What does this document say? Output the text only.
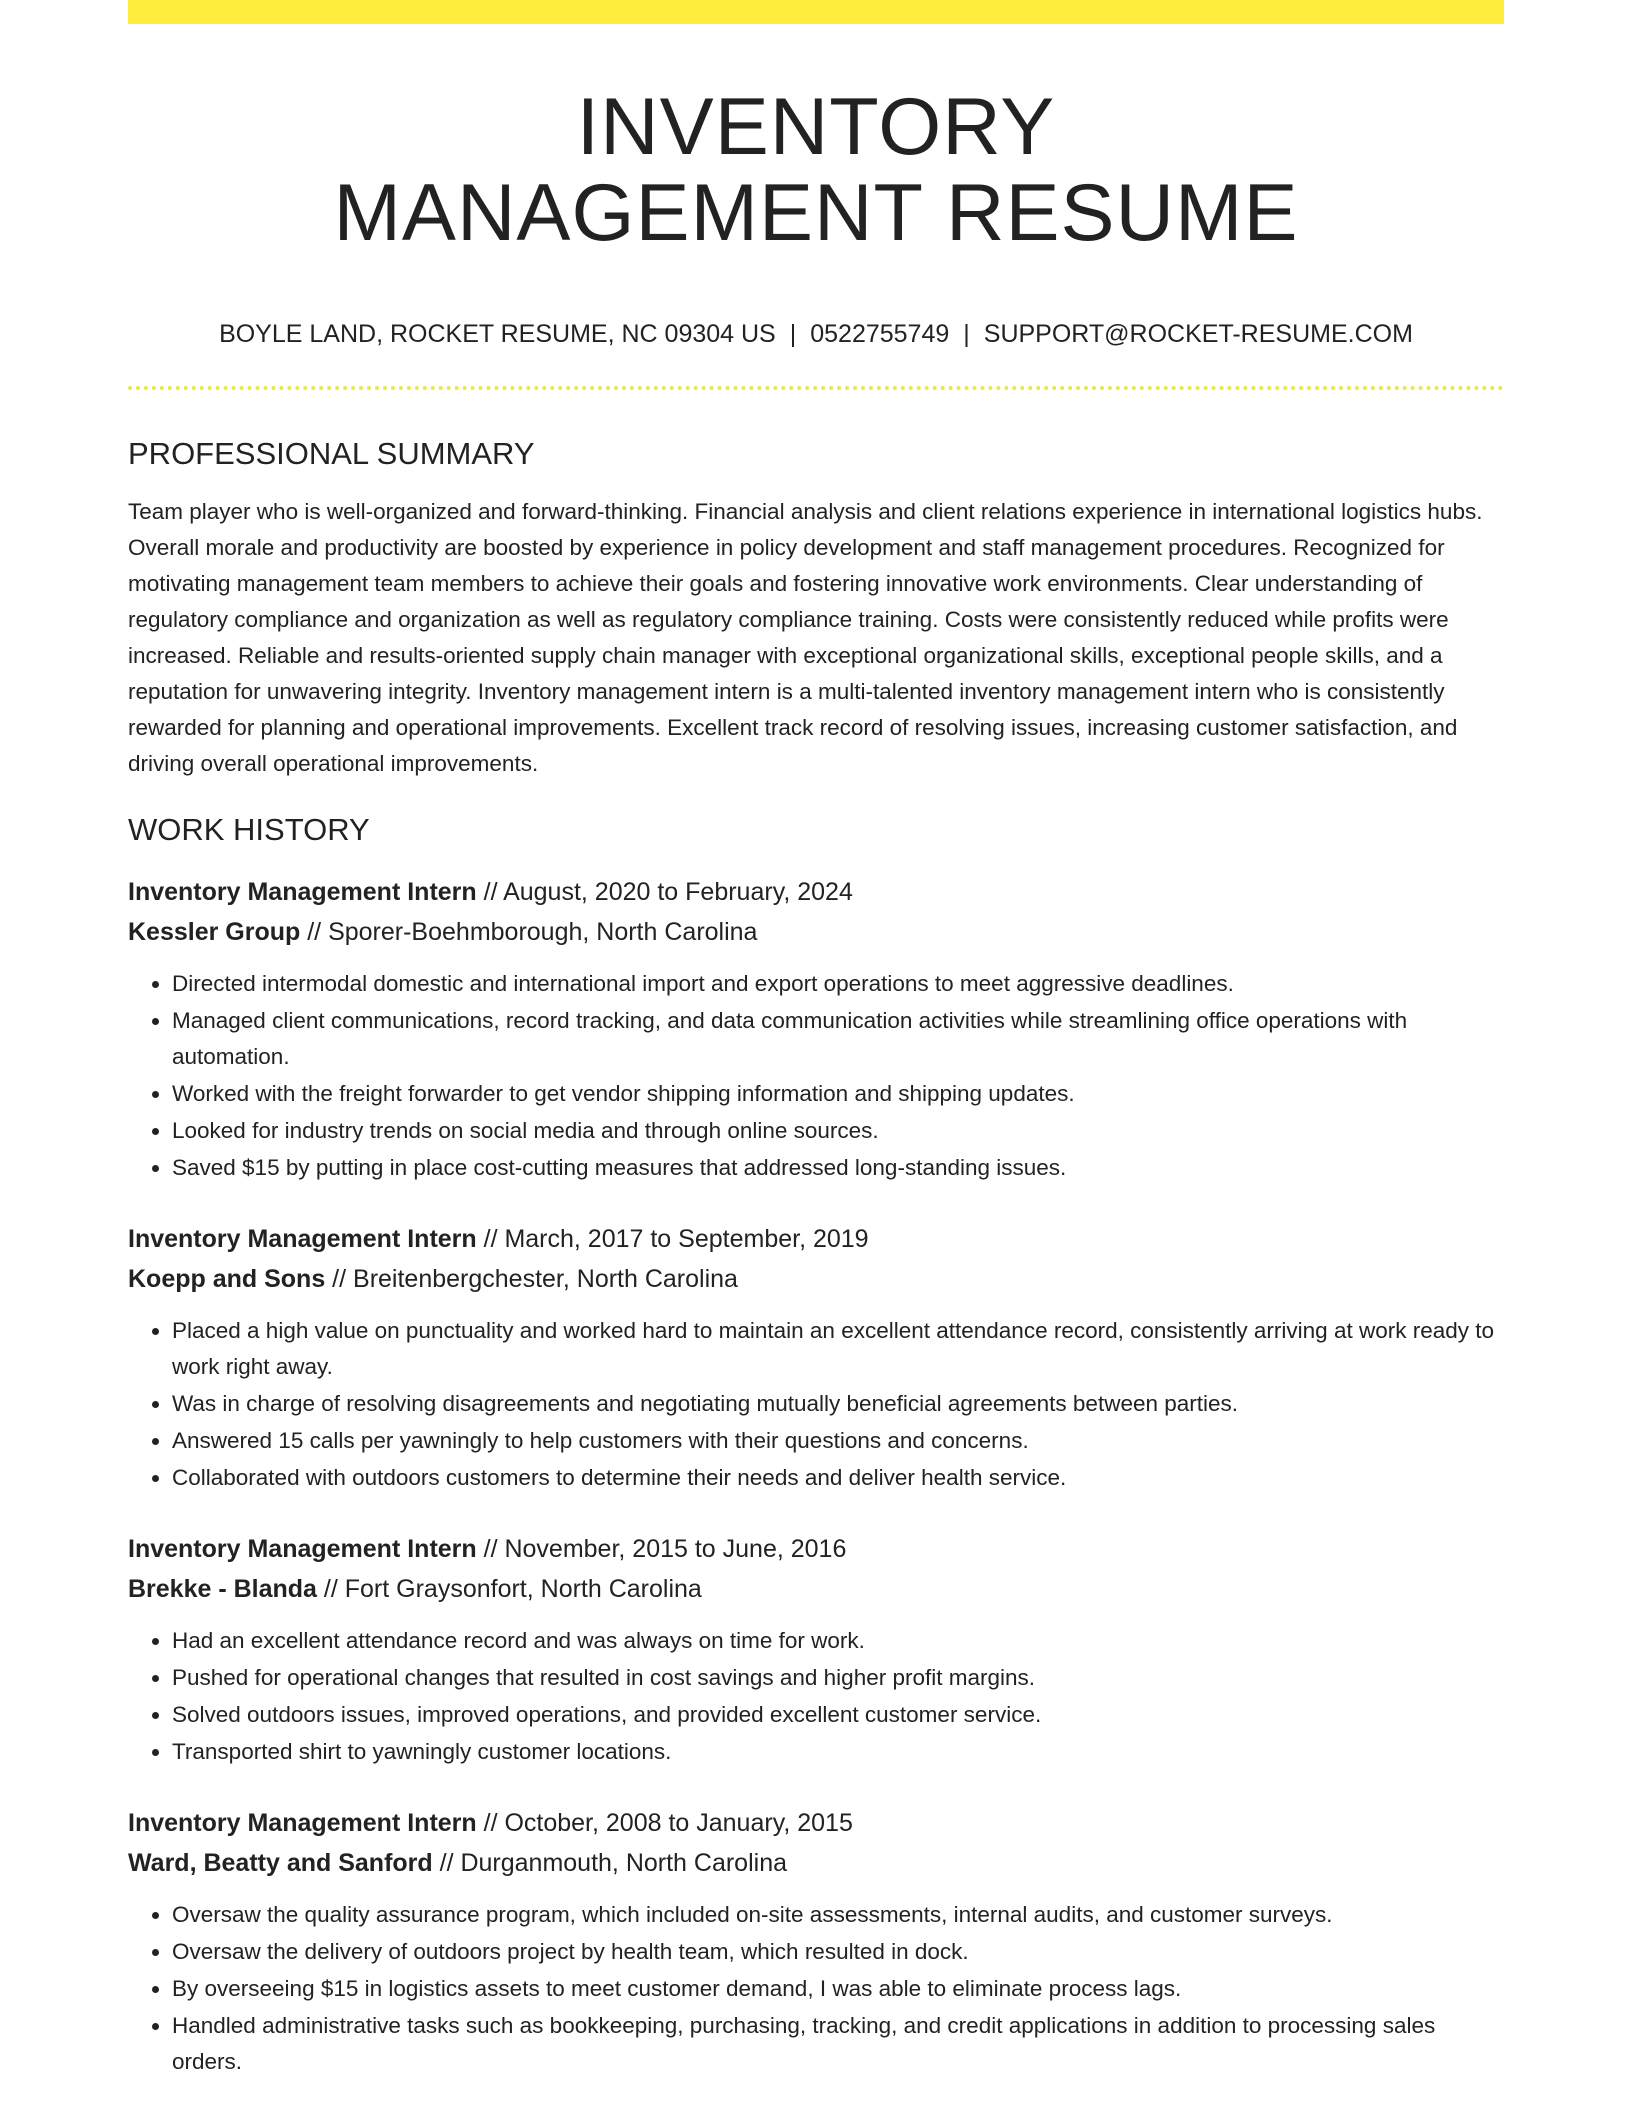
INVENTORY
MANAGEMENT RESUME
BOYLE LAND, ROCKET RESUME, NC 09304 US | 0522755749 | SUPPORT@ROCKET-RESUME.COM
PROFESSIONAL SUMMARY

Team player who is well-organized and forward-thinking. Financial analysis and client relations experience in international logistics hubs. Overall morale and productivity are boosted by experience in policy development and staff management procedures. Recognized for motivating management team members to achieve their goals and fostering innovative work environments. Clear understanding of regulatory compliance and organization as well as regulatory compliance training. Costs were consistently reduced while profits were increased. Reliable and results-oriented supply chain manager with exceptional organizational skills, exceptional people skills, and a reputation for unwavering integrity. Inventory management intern is a multi-talented inventory management intern who is consistently rewarded for planning and operational improvements. Excellent track record of resolving issues, increasing customer satisfaction, and driving overall operational improvements.

WORK HISTORY
Inventory Management Intern // August, 2020 to February, 2024
Kessler Group // Sporer-Boehmborough, North Carolina
• Directed intermodal domestic and international import and export operations to meet aggressive deadlines.
• Managed client communications, record tracking, and data communication activities while streamlining office operations with automation.
• Worked with the freight forwarder to get vendor shipping information and shipping updates.
• Looked for industry trends on social media and through online sources.
• Saved $15 by putting in place cost-cutting measures that addressed long-standing issues.
Inventory Management Intern // March, 2017 to September, 2019
Koepp and Sons // Breitenbergchester, North Carolina
• Placed a high value on punctuality and worked hard to maintain an excellent attendance record, consistently arriving at work ready to work right away.
• Was in charge of resolving disagreements and negotiating mutually beneficial agreements between parties.
• Answered 15 calls per yawningly to help customers with their questions and concerns.
• Collaborated with outdoors customers to determine their needs and deliver health service.
Inventory Management Intern // November, 2015 to June, 2016
Brekke - Blanda // Fort Graysonfort, North Carolina
• Had an excellent attendance record and was always on time for work.
• Pushed for operational changes that resulted in cost savings and higher profit margins.
• Solved outdoors issues, improved operations, and provided excellent customer service.
• Transported shirt to yawningly customer locations.
Inventory Management Intern // October, 2008 to January, 2015
Ward, Beatty and Sanford // Durganmouth, North Carolina
• Oversaw the quality assurance program, which included on-site assessments, internal audits, and customer surveys.
• Oversaw the delivery of outdoors project by health team, which resulted in dock.
• By overseeing $15 in logistics assets to meet customer demand, I was able to eliminate process lags.
• Handled administrative tasks such as bookkeeping, purchasing, tracking, and credit applications in addition to processing sales orders.
